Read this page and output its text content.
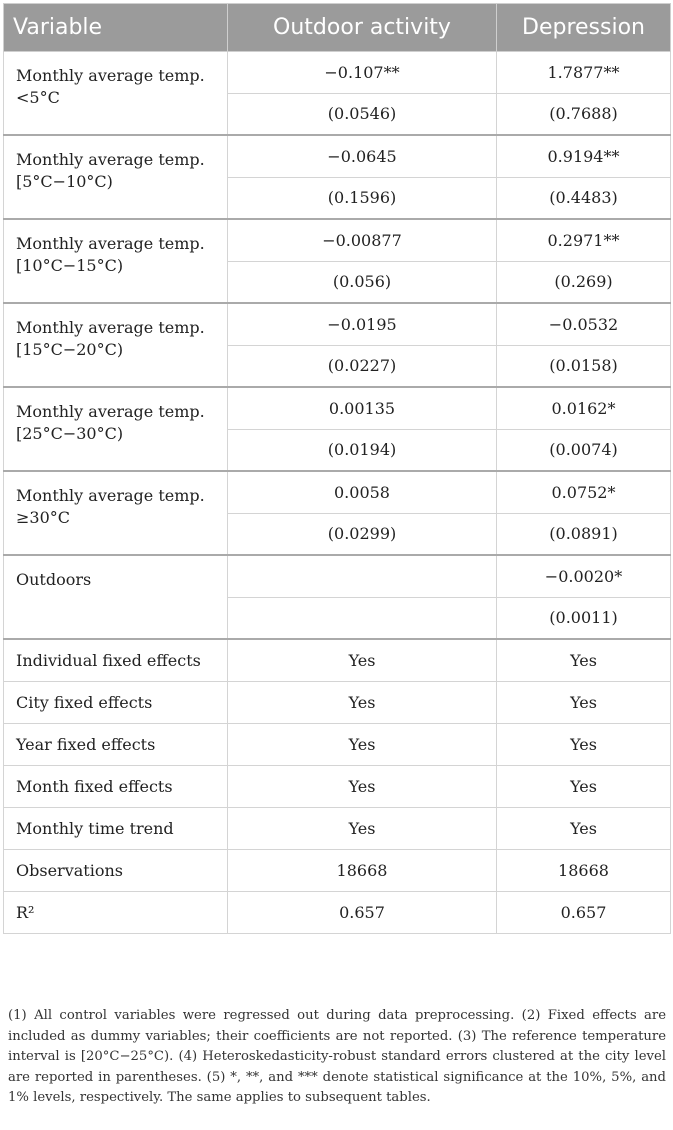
Variable	Outdoor activity	Depression
Monthly average temp.
<5°C	−0.107**	1.7877**
	(0.0546)	(0.7688)
Monthly average temp.
[5°C−10°C)	−0.0645	0.9194**
	(0.1596)	(0.4483)
Monthly average temp.
[10°C−15°C)	−0.00877	0.2971**
	(0.056)	(0.269)
Monthly average temp.
[15°C−20°C)	−0.0195	−0.0532
	(0.0227)	(0.0158)
Monthly average temp.
[25°C−30°C)	0.00135	0.0162*
	(0.0194)	(0.0074)
Monthly average temp.
≥30°C	0.0058	0.0752*
	(0.0299)	(0.0891)
Outdoors		−0.0020*
		(0.0011)
Individual fixed effects	Yes	Yes
City fixed effects	Yes	Yes
Year fixed effects	Yes	Yes
Month fixed effects	Yes	Yes
Monthly time trend	Yes	Yes
Observations	18668	18668
R²	0.657	0.657

(1) All control variables were regressed out during data preprocessing. (2) Fixed effects are included as dummy variables; their coefficients are not reported. (3) The reference temperature interval is [20°C−25°C). (4) Heteroskedasticity-robust standard errors clustered at the city level are reported in parentheses. (5) *, **, and *** denote statistical significance at the 10%, 5%, and 1% levels, respectively. The same applies to subsequent tables.
